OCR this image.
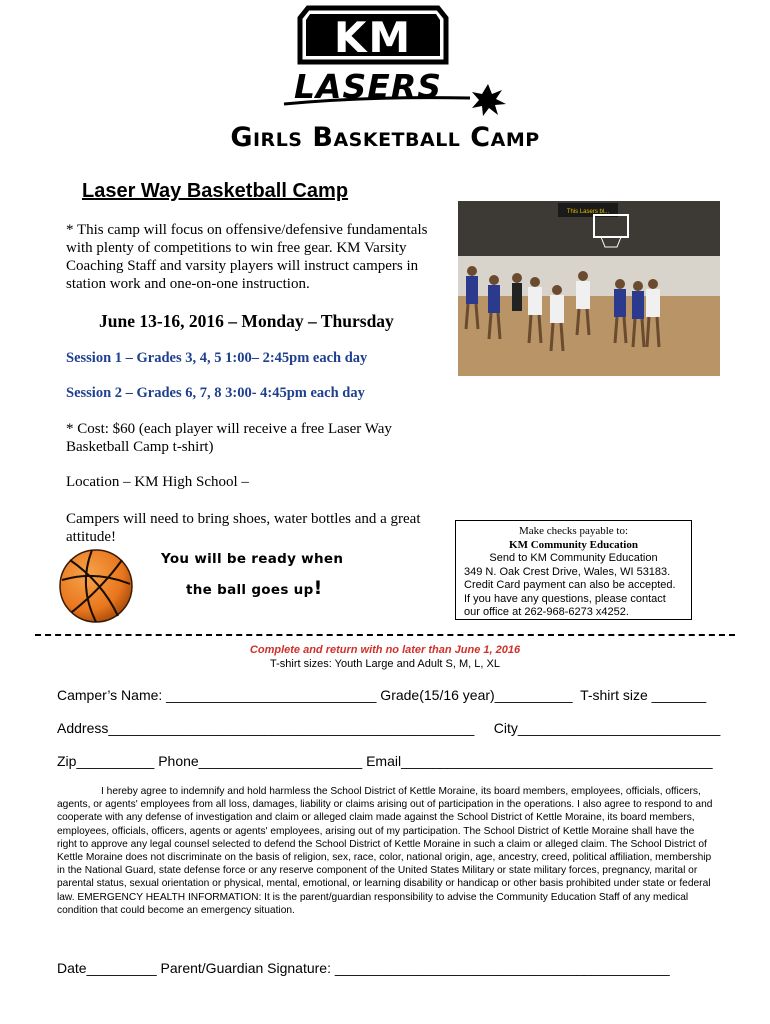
KM
LASERS
Girls Basketball Camp
Laser Way Basketball Camp
* This camp will focus on offensive/defensive fundamentals with plenty of competitions to win free gear. KM Varsity Coaching Staff and varsity players will instruct campers in station work and one-on-one instruction.
This Lasers bl...
June 13-16, 2016 – Monday – Thursday
Session 1 – Grades 3, 4, 5 1:00– 2:45pm each day
Session 2 – Grades 6, 7, 8 3:00- 4:45pm each day
* Cost: $60 (each player will receive a free Laser Way Basketball Camp t-shirt)
Location – KM High School –
Campers will need to bring shoes, water bottles and a great attitude!
You will be ready when
the ball goes up!
Make checks payable to:
KM Community Education
Send to KM Community Education
349 N. Oak Crest Drive, Wales, WI 53183.
Credit Card payment can also be accepted.
If you have any questions, please contact
our office at 262-968-6273 x4252.
Complete and return with no later than June 1, 2016
T-shirt sizes: Youth Large and Adult S, M, L, XL
Camper’s Name: ___________________________ Grade(15/16 year)__________  T-shirt size _______
Address_______________________________________________     City__________________________
Zip__________ Phone_____________________ Email________________________________________
I hereby agree to indemnify and hold harmless the School District of Kettle Moraine, its board members, employees, officials, officers, agents, or agents' employees from all loss, damages, liability or claims arising out of participation in the operations. I also agree to respond to and cooperate with any defense of investigation and claim or alleged claim made against the School District of Kettle Moraine, its board members, employees, officials, officers, agents or agents' employees, arising out of my participation. The School District of Kettle Moraine shall have the right to approve any legal counsel selected to defend the School District of Kettle Moraine in such a claim or alleged claim. The School District of Kettle Moraine does not discriminate on the basis of religion, sex, race, color, national origin, age, ancestry, creed, political affiliation, membership in the National Guard, state defense force or any reserve component of the United States Military or state military forces, pregnancy, marital or parental status, sexual orientation or physical, mental, emotional, or learning disability or handicap or other basis prohibited under state or federal law. EMERGENCY HEALTH INFORMATION: It is the parent/guardian responsibility to advise the Community Education Staff of any medical condition that could become an emergency situation.
Date_________ Parent/Guardian Signature: ___________________________________________
